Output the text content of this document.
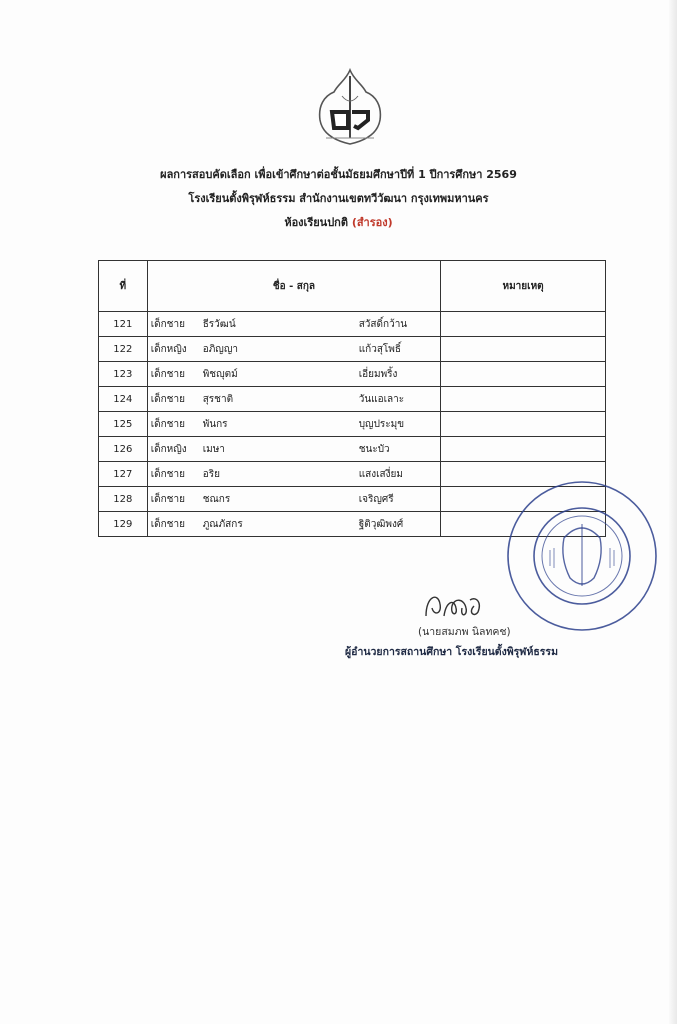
ผลการสอบคัดเลือก เพื่อเข้าศึกษาต่อชั้นมัธยมศึกษาปีที่ 1 ปีการศึกษา 2569
โรงเรียนตั้งพิรุฬห์ธรรม สำนักงานเขตทวีวัฒนา กรุงเทพมหานคร
ห้องเรียนปกติ (สำรอง)
ที่	ชื่อ - สกุล	หมายเหตุ
121	เด็กชาย ธีรวัฒน์ สวัสดิ์กว้าน	

122	เด็กหญิง อภิญญา แก้วสุโพธิ์	

123	เด็กชาย พิชญุตม์ เอี่ยมพริ้ง	

124	เด็กชาย สุรชาติ วันแอเลาะ	

125	เด็กชาย พันกร บุญประมุข	

126	เด็กหญิง เมษา ชนะบัว	

127	เด็กชาย อริย แสงเสงี่ยม	

128	เด็กชาย ชณกร เจริญศรี	

129	เด็กชาย ภูณภัสกร ฐิติวุฒิพงศ์	

(นายสมภพ นิลทคช)
ผู้อำนวยการสถานศึกษา โรงเรียนตั้งพิรุฬห์ธรรม
